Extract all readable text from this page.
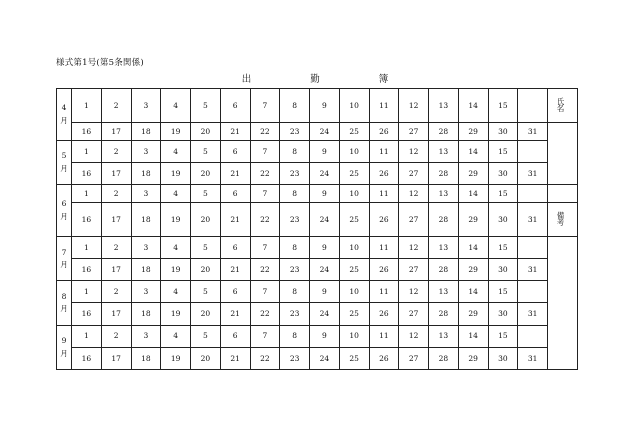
様式第1号(第5条関係)
出	勤	簿
4
月	1	2	3	4	5	6	7	8	9	10	11	12	13	14	15		氏 名
	16	17	18	19	20	21	22	23	24	25	26	27	28	29	30	31	

5
月	1	2	3	4	5	6	7	8	9	10	11	12	13	14	15		
	16	17	18	19	20	21	22	23	24	25	26	27	28	29	30	31	

6
月	1	2	3	4	5	6	7	8	9	10	11	12	13	14	15		
	16	17	18	19	20	21	22	23	24	25	26	27	28	29	30	31	備 考

7
月	1	2	3	4	5	6	7	8	9	10	11	12	13	14	15		
	16	17	18	19	20	21	22	23	24	25	26	27	28	29	30	31	

8
月	1	2	3	4	5	6	7	8	9	10	11	12	13	14	15		
	16	17	18	19	20	21	22	23	24	25	26	27	28	29	30	31	

9
月	1	2	3	4	5	6	7	8	9	10	11	12	13	14	15		
	16	17	18	19	20	21	22	23	24	25	26	27	28	29	30	31	
